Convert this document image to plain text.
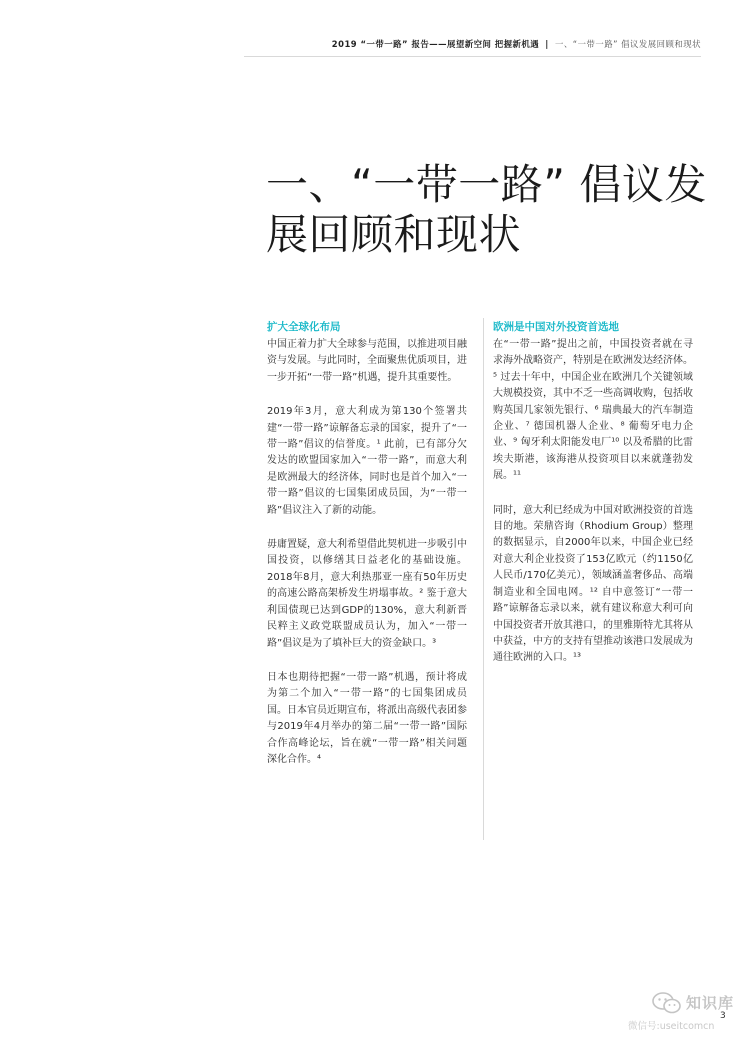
2019 “一带一路” 报告——展望新空间 把握新机遇 | 一、“一带一路” 倡议发展回顾和现状
一、“一带一路” 倡议发展回顾和现状
扩大全球化布局

中国正着力扩大全球参与范围，以推进项目融资与发展。与此同时，全面聚焦优质项目，进一步开拓“一带一路”机遇，提升其重要性。

2019年3月，意大利成为第130个签署共建“一带一路”谅解备忘录的国家，提升了“一带一路”倡议的信誉度。¹ 此前，已有部分欠发达的欧盟国家加入“一带一路”，而意大利是欧洲最大的经济体，同时也是首个加入“一带一路”倡议的七国集团成员国，为“一带一路”倡议注入了新的动能。

毋庸置疑，意大利希望借此契机进一步吸引中国投资，以修缮其日益老化的基础设施。2018年8月，意大利热那亚一座有50年历史的高速公路高架桥发生坍塌事故。² 鉴于意大利国债现已达到GDP的130%，意大利新晋民粹主义政党联盟成员认为，加入“一带一路”倡议是为了填补巨大的资金缺口。³

日本也期待把握“一带一路”机遇，预计将成为第二个加入“一带一路”的七国集团成员国。日本官员近期宣布，将派出高级代表团参与2019年4月举办的第二届“一带一路”国际合作高峰论坛，旨在就“一带一路”相关问题深化合作。⁴

欧洲是中国对外投资首选地

在“一带一路”提出之前，中国投资者就在寻求海外战略资产，特别是在欧洲发达经济体。⁵ 过去十年中，中国企业在欧洲几个关键领域大规模投资，其中不乏一些高调收购，包括收购英国几家领先银行、⁶ 瑞典最大的汽车制造企业、⁷ 德国机器人企业、⁸ 葡萄牙电力企业、⁹ 匈牙利太阳能发电厂¹⁰ 以及希腊的比雷埃夫斯港，该海港从投资项目以来就蓬勃发展。¹¹

同时，意大利已经成为中国对欧洲投资的首选目的地。荣鼎咨询（Rhodium Group）整理的数据显示，自2000年以来，中国企业已经对意大利企业投资了153亿欧元（约1150亿人民币/170亿美元），领域涵盖奢侈品、高端制造业和全国电网。¹² 自中意签订“一带一路”谅解备忘录以来，就有建议称意大利可向中国投资者开放其港口，的里雅斯特尤其将从中获益，中方的支持有望推动该港口发展成为通往欧洲的入口。¹³

3
知识库
微信号:useitcomcn
